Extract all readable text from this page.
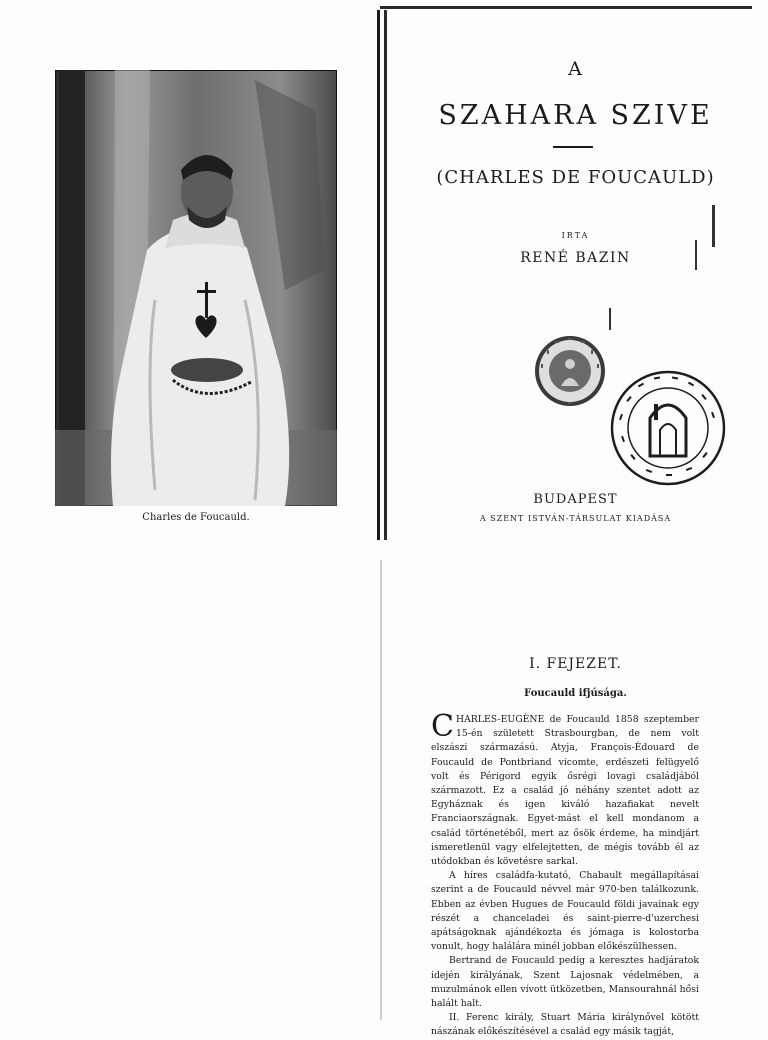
Charles de Foucauld.
A
SZAHARA SZIVE
(CHARLES DE FOUCAULD)
IRTA
RENÉ BAZIN
BUDAPEST
A SZENT ISTVÁN-TÁRSULAT KIADÁSA
I. FEJEZET.
Foucauld ifjúsága.

CHARLES-EUGÈNE de Foucauld 1858 szeptember 15-én született Strasbourgban, de nem volt elszászi származású. Atyja, François-Édouard de Foucauld de Pontbriand vicomte, erdészeti felügyelő volt és Périgord egyik ősrégi lovagi családjából származott. Ez a család jó néhány szentet adott az Egyháznak és igen kiváló hazafiakat nevelt Franciaországnak. Egyet-mást el kell mondanom a család történetéből, mert az ősök érdeme, ha mindjárt ismeretlenül vagy elfelejtetten, de mégis tovább él az utódokban és követésre sarkal.

A híres családfa-kutató, Chabault megállapításai szerint a de Foucauld névvel már 970-ben találkozunk. Ebben az évben Hugues de Foucauld földi javainak egy részét a chanceladei és saint-pierre-d'uzerchesi apátságoknak ajándékozta és jómaga is kolostorba vonult, hogy halálára minél jobban előkészülhessen.

Bertrand de Foucauld pedig a keresztes hadjáratok idején királyának, Szent Lajosnak védelmében, a muzulmánok ellen vívott ütközetben, Mansourahnál hősi halált halt.

II. Ferenc király, Stuart Mária királynővel kötött nászának előkészítésével a család egy másik tagját,
